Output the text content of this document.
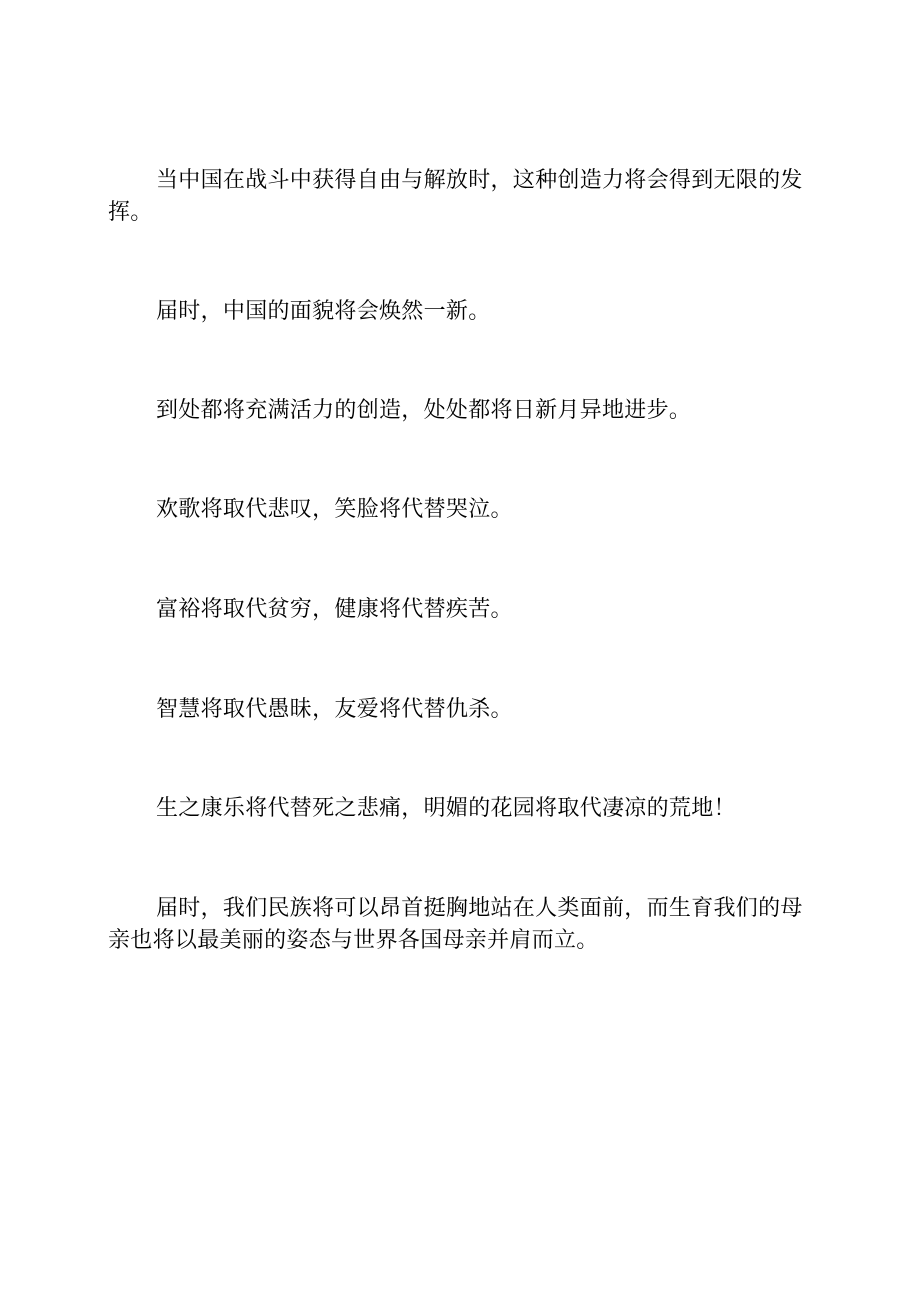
当中国在战斗中获得自由与解放时，这种创造力将会得到无限的发挥。

届时，中国的面貌将会焕然一新。

到处都将充满活力的创造，处处都将日新月异地进步。

欢歌将取代悲叹，笑脸将代替哭泣。

富裕将取代贫穷，健康将代替疾苦。

智慧将取代愚昧，友爱将代替仇杀。

生之康乐将代替死之悲痛，明媚的花园将取代凄凉的荒地！

届时，我们民族将可以昂首挺胸地站在人类面前，而生育我们的母亲也将以最美丽的姿态与世界各国母亲并肩而立。
